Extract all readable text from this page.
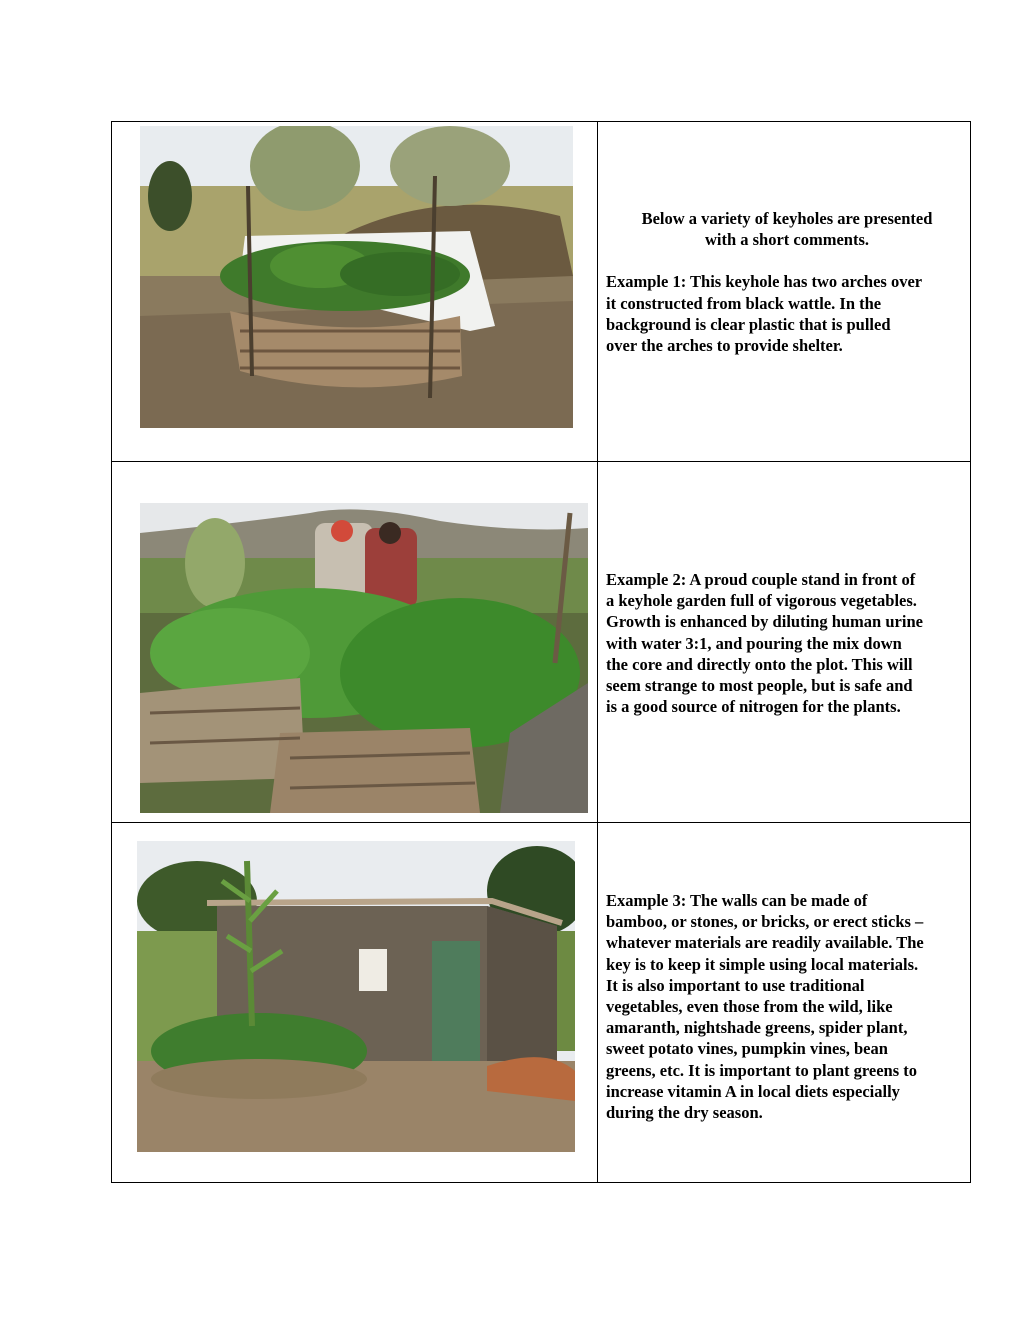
Below a variety of keyholes are presented

with a short comments.

Example 1: This keyhole has two arches over

it constructed from black wattle. In the

background is clear plastic that is pulled

over the arches to provide shelter.

Example 2: A proud couple stand in front of

a keyhole garden full of vigorous vegetables.

Growth is enhanced by diluting human urine

with water 3:1, and pouring the mix down

the core and directly onto the plot. This will

seem strange to most people, but is safe and

is a good source of nitrogen for the plants.

Example 3: The walls can be made of

bamboo, or stones, or bricks, or erect sticks –

whatever materials are readily available. The

key is to keep it simple using local materials.

It is also important to use traditional

vegetables, even those from the wild, like

amaranth, nightshade greens, spider plant,

sweet potato vines, pumpkin vines, bean

greens, etc. It is important to plant greens to

increase vitamin A in local diets especially

during the dry season.
